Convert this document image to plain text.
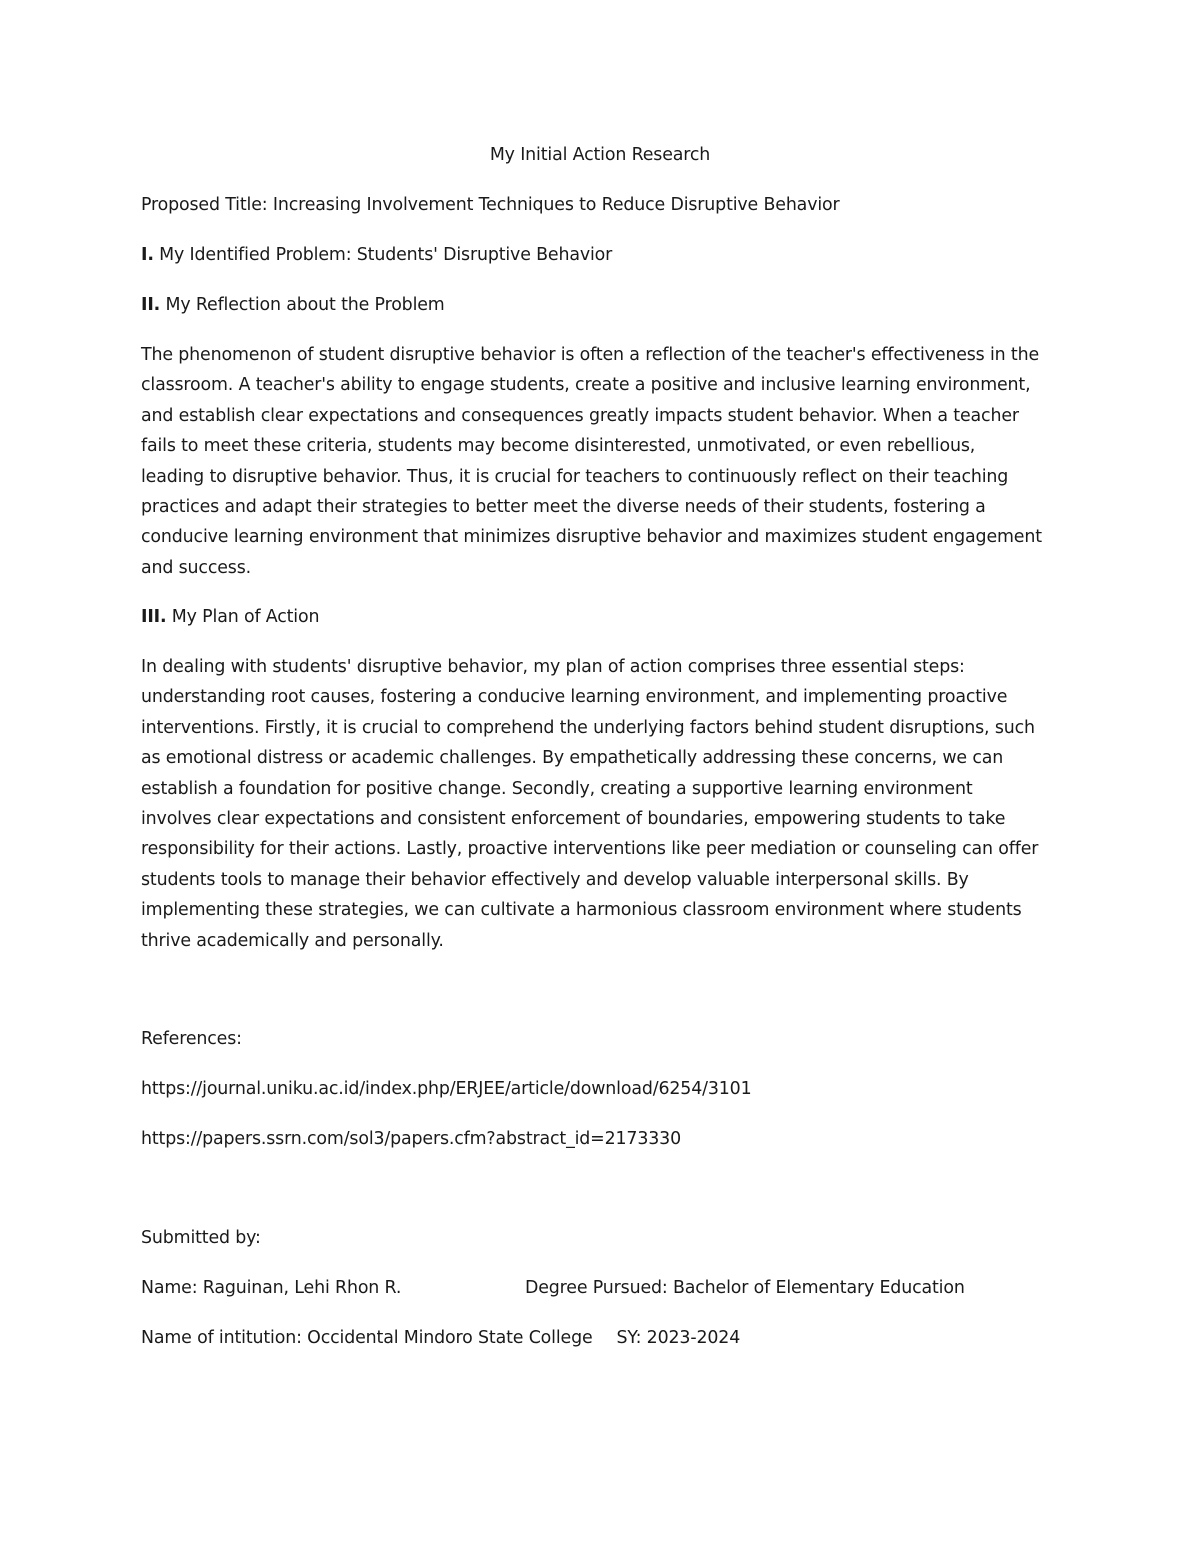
My Initial Action Research
Proposed Title: Increasing Involvement Techniques to Reduce Disruptive Behavior
I. My Identified Problem: Students' Disruptive Behavior
II. My Reflection about the Problem
The phenomenon of student disruptive behavior is often a reflection of the teacher's effectiveness in the
classroom. A teacher's ability to engage students, create a positive and inclusive learning environment,
and establish clear expectations and consequences greatly impacts student behavior. When a teacher
fails to meet these criteria, students may become disinterested, unmotivated, or even rebellious,
leading to disruptive behavior. Thus, it is crucial for teachers to continuously reflect on their teaching
practices and adapt their strategies to better meet the diverse needs of their students, fostering a
conducive learning environment that minimizes disruptive behavior and maximizes student engagement
and success.
III. My Plan of Action
In dealing with students' disruptive behavior, my plan of action comprises three essential steps:
understanding root causes, fostering a conducive learning environment, and implementing proactive
interventions. Firstly, it is crucial to comprehend the underlying factors behind student disruptions, such
as emotional distress or academic challenges. By empathetically addressing these concerns, we can
establish a foundation for positive change. Secondly, creating a supportive learning environment
involves clear expectations and consistent enforcement of boundaries, empowering students to take
responsibility for their actions. Lastly, proactive interventions like peer mediation or counseling can offer
students tools to manage their behavior effectively and develop valuable interpersonal skills. By
implementing these strategies, we can cultivate a harmonious classroom environment where students
thrive academically and personally.
References:
https://journal.uniku.ac.id/index.php/ERJEE/article/download/6254/3101
https://papers.ssrn.com/sol3/papers.cfm?abstract_id=2173330
Submitted by:
Name: Raguinan, Lehi Rhon R.	Degree Pursued: Bachelor of Elementary Education
Name of intitution: Occidental Mindoro State College SY: 2023-2024
